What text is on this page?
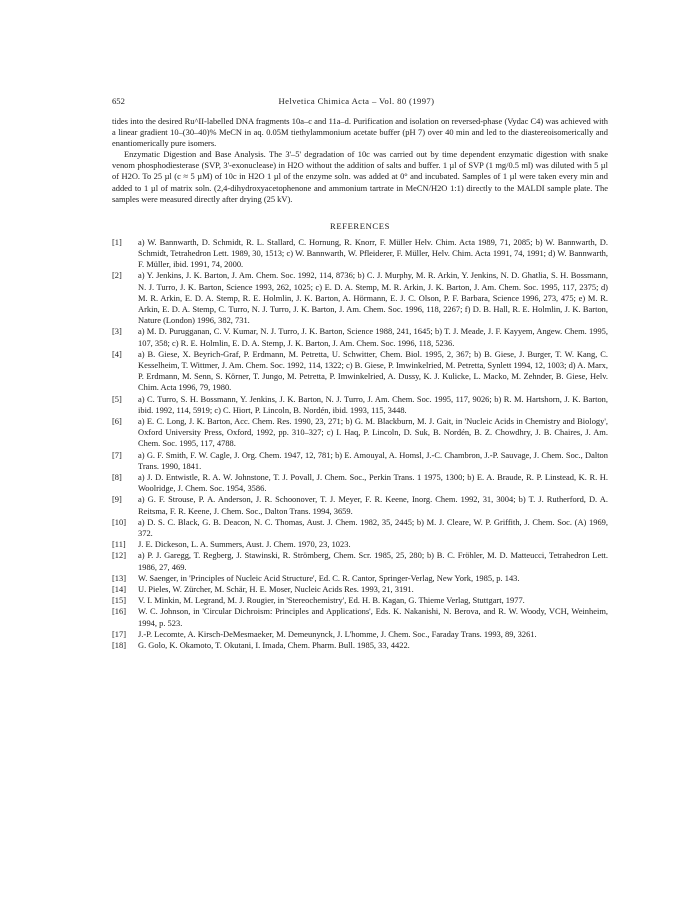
652	Helvetica Chimica Acta – Vol. 80 (1997)

tides into the desired Ru^II-labelled DNA fragments 10a–c and 11a–d. Purification and isolation on reversed-phase (Vydac C4) was achieved with a linear gradient 10–(30–40)% MeCN in aq. 0.05M tiethylammonium acetate buffer (pH 7) over 40 min and led to the diastereoisomerically and enantiomerically pure isomers.

Enzymatic Digestion and Base Analysis. The 3'–5' degradation of 10c was carried out by time dependent enzymatic digestion with snake venom phosphodiesterase (SVP, 3'-exonuclease) in H2O without the addition of salts and buffer. 1 µl of SVP (1 mg/0.5 ml) was diluted with 5 µl of H2O. To 25 µl (c ≈ 5 µM) of 10c in H2O 1 µl of the enzyme soln. was added at 0° and incubated. Samples of 1 µl were taken every min and added to 1 µl of matrix soln. (2,4-dihydroxyacetophenone and ammonium tartrate in MeCN/H2O 1:1) directly to the MALDI sample plate. The samples were measured directly after drying (25 kV).

REFERENCES
[1]	a) W. Bannwarth, D. Schmidt, R. L. Stallard, C. Hornung, R. Knorr, F. Müller Helv. Chim. Acta 1989, 71, 2085; b) W. Bannwarth, D. Schmidt, Tetrahedron Lett. 1989, 30, 1513; c) W. Bannwarth, W. Pfleiderer, F. Müller, Helv. Chim. Acta 1991, 74, 1991; d) W. Bannwarth, F. Müller, ibid. 1991, 74, 2000.
[2]	a) Y. Jenkins, J. K. Barton, J. Am. Chem. Soc. 1992, 114, 8736; b) C. J. Murphy, M. R. Arkin, Y. Jenkins, N. D. Ghatlia, S. H. Bossmann, N. J. Turro, J. K. Barton, Science 1993, 262, 1025; c) E. D. A. Stemp, M. R. Arkin, J. K. Barton, J. Am. Chem. Soc. 1995, 117, 2375; d) M. R. Arkin, E. D. A. Stemp, R. E. Holmlin, J. K. Barton, A. Hörmann, E. J. C. Olson, P. F. Barbara, Science 1996, 273, 475; e) M. R. Arkin, E. D. A. Stemp, C. Turro, N. J. Turro, J. K. Barton, J. Am. Chem. Soc. 1996, 118, 2267; f) D. B. Hall, R. E. Holmlin, J. K. Barton, Nature (London) 1996, 382, 731.
[3]	a) M. D. Purugganan, C. V. Kumar, N. J. Turro, J. K. Barton, Science 1988, 241, 1645; b) T. J. Meade, J. F. Kayyem, Angew. Chem. 1995, 107, 358; c) R. E. Holmlin, E. D. A. Stemp, J. K. Barton, J. Am. Chem. Soc. 1996, 118, 5236.
[4]	a) B. Giese, X. Beyrich-Graf, P. Erdmann, M. Petretta, U. Schwitter, Chem. Biol. 1995, 2, 367; b) B. Giese, J. Burger, T. W. Kang, C. Kesselheim, T. Wittmer, J. Am. Chem. Soc. 1992, 114, 1322; c) B. Giese, P. Imwinkelried, M. Petretta, Synlett 1994, 12, 1003; d) A. Marx, P. Erdmann, M. Senn, S. Körner, T. Jungo, M. Petretta, P. Imwinkelried, A. Dussy, K. J. Kulicke, L. Macko, M. Zehnder, B. Giese, Helv. Chim. Acta 1996, 79, 1980.
[5]	a) C. Turro, S. H. Bossmann, Y. Jenkins, J. K. Barton, N. J. Turro, J. Am. Chem. Soc. 1995, 117, 9026; b) R. M. Hartshorn, J. K. Barton, ibid. 1992, 114, 5919; c) C. Hiort, P. Lincoln, B. Nordén, ibid. 1993, 115, 3448.
[6]	a) E. C. Long, J. K. Barton, Acc. Chem. Res. 1990, 23, 271; b) G. M. Blackburn, M. J. Gait, in 'Nucleic Acids in Chemistry and Biology', Oxford University Press, Oxford, 1992, pp. 310–327; c) I. Haq, P. Lincoln, D. Suk, B. Nordén, B. Z. Chowdhry, J. B. Chaires, J. Am. Chem. Soc. 1995, 117, 4788.
[7]	a) G. F. Smith, F. W. Cagle, J. Org. Chem. 1947, 12, 781; b) E. Amouyal, A. Homsl, J.-C. Chambron, J.-P. Sauvage, J. Chem. Soc., Dalton Trans. 1990, 1841.
[8]	a) J. D. Entwistle, R. A. W. Johnstone, T. J. Povall, J. Chem. Soc., Perkin Trans. 1 1975, 1300; b) E. A. Braude, R. P. Linstead, K. R. H. Woolridge, J. Chem. Soc. 1954, 3586.
[9]	a) G. F. Strouse, P. A. Anderson, J. R. Schoonover, T. J. Meyer, F. R. Keene, Inorg. Chem. 1992, 31, 3004; b) T. J. Rutherford, D. A. Reitsma, F. R. Keene, J. Chem. Soc., Dalton Trans. 1994, 3659.
[10]	a) D. S. C. Black, G. B. Deacon, N. C. Thomas, Aust. J. Chem. 1982, 35, 2445; b) M. J. Cleare, W. P. Griffith, J. Chem. Soc. (A) 1969, 372.
[11]	J. E. Dickeson, L. A. Summers, Aust. J. Chem. 1970, 23, 1023.
[12]	a) P. J. Garegg, T. Regberg, J. Stawinski, R. Strömberg, Chem. Scr. 1985, 25, 280; b) B. C. Fröhler, M. D. Matteucci, Tetrahedron Lett. 1986, 27, 469.
[13]	W. Saenger, in 'Principles of Nucleic Acid Structure', Ed. C. R. Cantor, Springer-Verlag, New York, 1985, p. 143.
[14]	U. Pieles, W. Zürcher, M. Schär, H. E. Moser, Nucleic Acids Res. 1993, 21, 3191.
[15]	V. I. Minkin, M. Legrand, M. J. Rougier, in 'Stereochemistry', Ed. H. B. Kagan, G. Thieme Verlag, Stuttgart, 1977.
[16]	W. C. Johnson, in 'Circular Dichroism: Principles and Applications', Eds. K. Nakanishi, N. Berova, and R. W. Woody, VCH, Weinheim, 1994, p. 523.
[17]	J.-P. Lecomte, A. Kirsch-DeMesmaeker, M. Demeunynck, J. L'homme, J. Chem. Soc., Faraday Trans. 1993, 89, 3261.
[18]	G. Golo, K. Okamoto, T. Okutani, I. Imada, Chem. Pharm. Bull. 1985, 33, 4422.
